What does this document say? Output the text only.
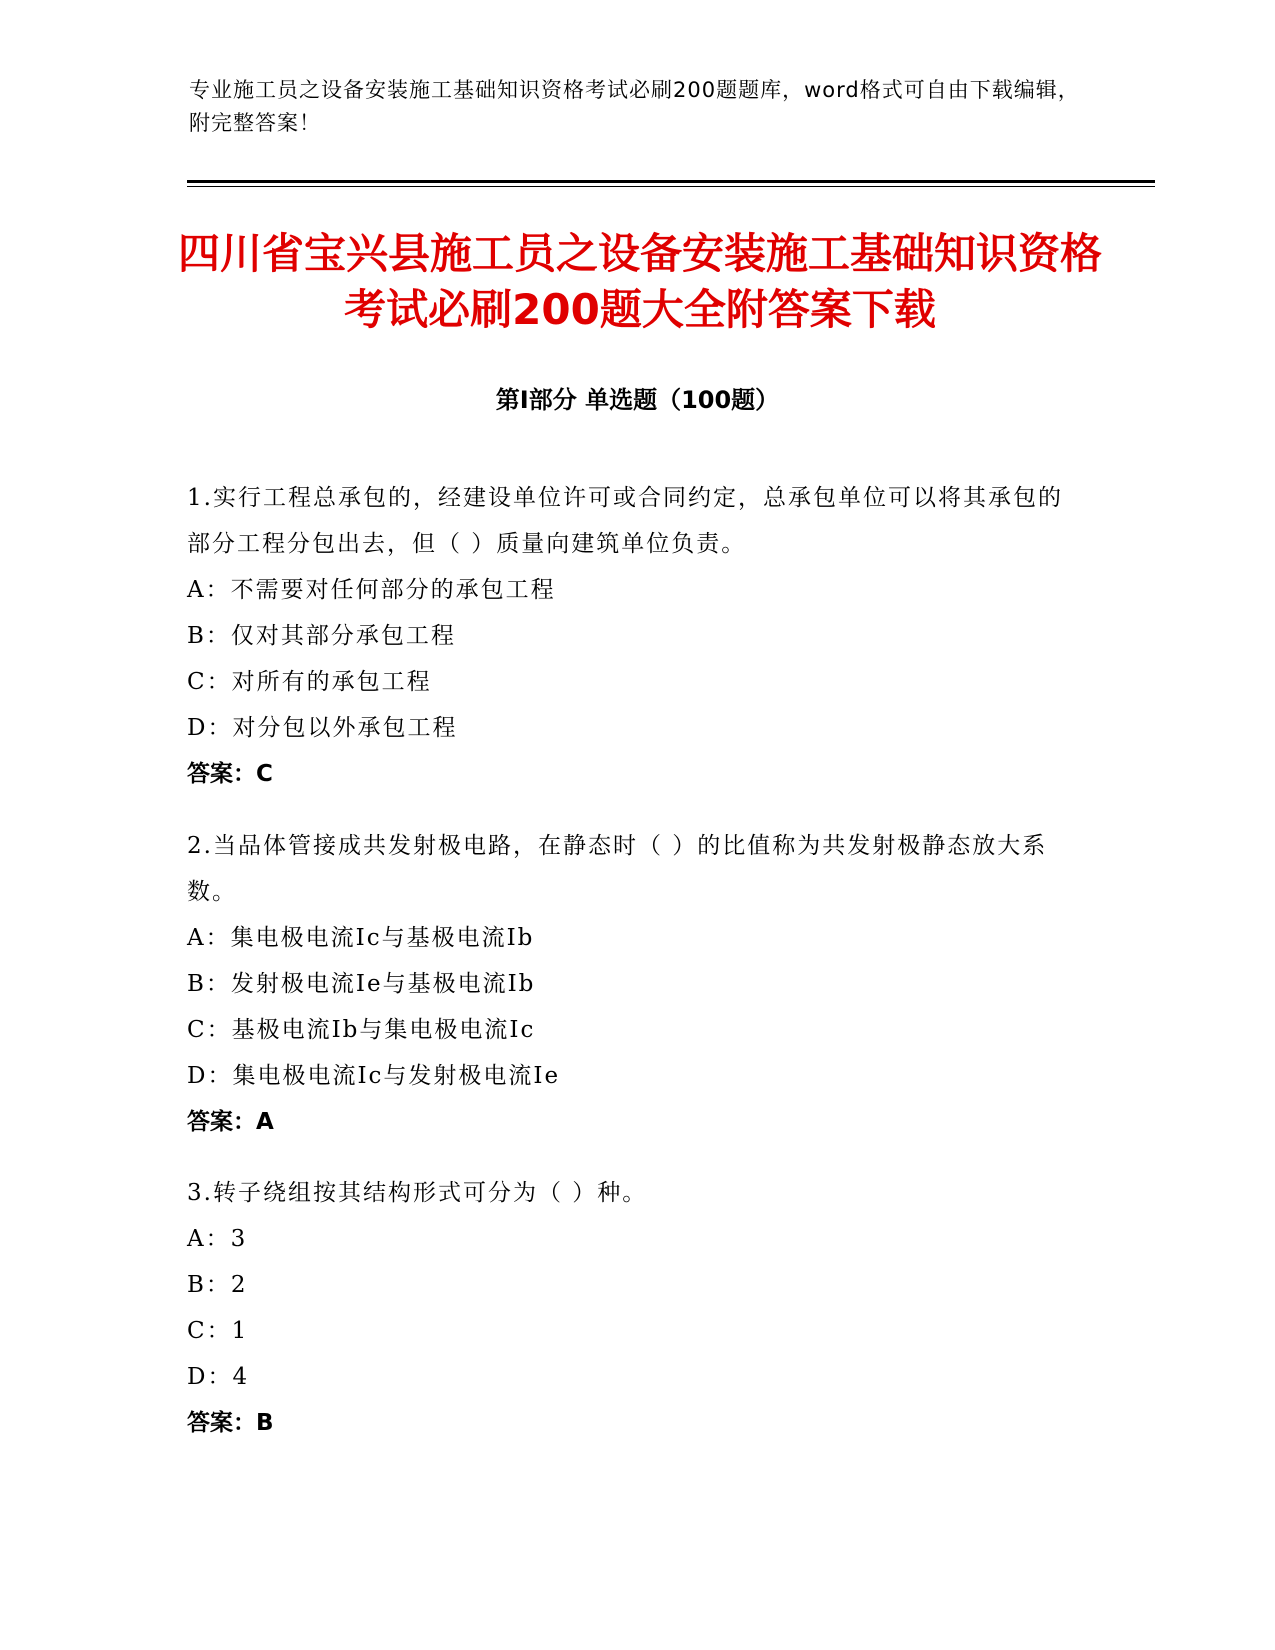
专业施工员之设备安装施工基础知识资格考试必刷200题题库，word格式可自由下载编辑，附完整答案！
四川省宝兴县施工员之设备安装施工基础知识资格考试必刷200题大全附答案下载
第Ⅰ部分 单选题（100题）
1.实行工程总承包的，经建设单位许可或合同约定，总承包单位可以将其承包的部分工程分包出去，但（ ）质量向建筑单位负责。
A：不需要对任何部分的承包工程
B：仅对其部分承包工程
C：对所有的承包工程
D：对分包以外承包工程
答案：C
2.当品体管接成共发射极电路，在静态时（ ）的比值称为共发射极静态放大系数。
A：集电极电流Ic与基极电流Ib
B：发射极电流Ie与基极电流Ib
C：基极电流Ib与集电极电流Ic
D：集电极电流Ic与发射极电流Ie
答案：A
3.转子绕组按其结构形式可分为（ ）种。
A：3
B：2
C：1
D：4
答案：B
